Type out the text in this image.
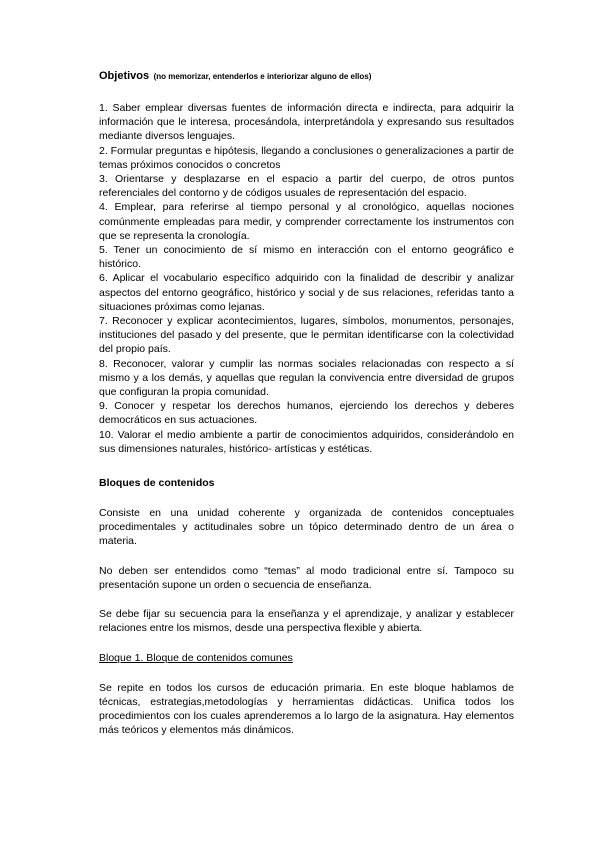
Objetivos (no memorizar, entenderlos e interiorizar alguno de ellos)

1. Saber emplear diversas fuentes de información directa e indirecta, para adquirir la información que le interesa, procesándola, interpretándola y expresando sus resultados mediante diversos lenguajes.
2. Formular preguntas e hipótesis, llegando a conclusiones o generalizaciones a partir de temas próximos conocidos o concretos
3. Orientarse y desplazarse en el espacio a partir del cuerpo, de otros puntos referenciales del contorno y de códigos usuales de representación del espacio.
4. Emplear, para referirse al tiempo personal y al cronológico, aquellas nociones comúnmente empleadas para medir, y comprender correctamente los instrumentos con que se representa la cronología.
5. Tener un conocimiento de sí mismo en interacción con el entorno geográfico e histórico.
6. Aplicar el vocabulario específico adquirido con la finalidad de describir y analizar aspectos del entorno geográfico, histórico y social y de sus relaciones, referidas tanto a situaciones próximas como lejanas.
7. Reconocer y explicar acontecimientos, lugares, símbolos, monumentos, personajes, instituciones del pasado y del presente, que le permitan identificarse con la colectividad del propio país.
8. Reconocer, valorar y cumplir las normas sociales relacionadas con respecto a sí mismo y a los demás, y aquellas que regulan la convivencia entre diversidad de grupos que configuran la propia comunidad.
9. Conocer y respetar los derechos humanos, ejerciendo los derechos y deberes democráticos en sus actuaciones.
10. Valorar el medio ambiente a partir de conocimientos adquiridos, considerándolo en sus dimensiones naturales, histórico- artísticas y estéticas.

Bloques de contenidos

Consiste en una unidad coherente y organizada de contenidos conceptuales procedimentales y actitudinales sobre un tópico determinado dentro de un área o materia.

No deben ser entendidos como “temas” al modo tradicional entre sí. Tampoco su presentación supone un orden o secuencia de enseñanza.

Se debe fijar su secuencia para la enseñanza y el aprendizaje, y analizar y establecer relaciones entre los mismos, desde una perspectiva flexible y abierta.

Bloque 1. Bloque de contenidos comunes

Se repite en todos los cursos de educación primaria. En este bloque hablamos de técnicas, estrategias,metodologías y herramientas didácticas. Unifica todos los procedimientos con los cuales aprenderemos a lo largo de la asignatura. Hay elementos más teóricos y elementos más dinámicos.
